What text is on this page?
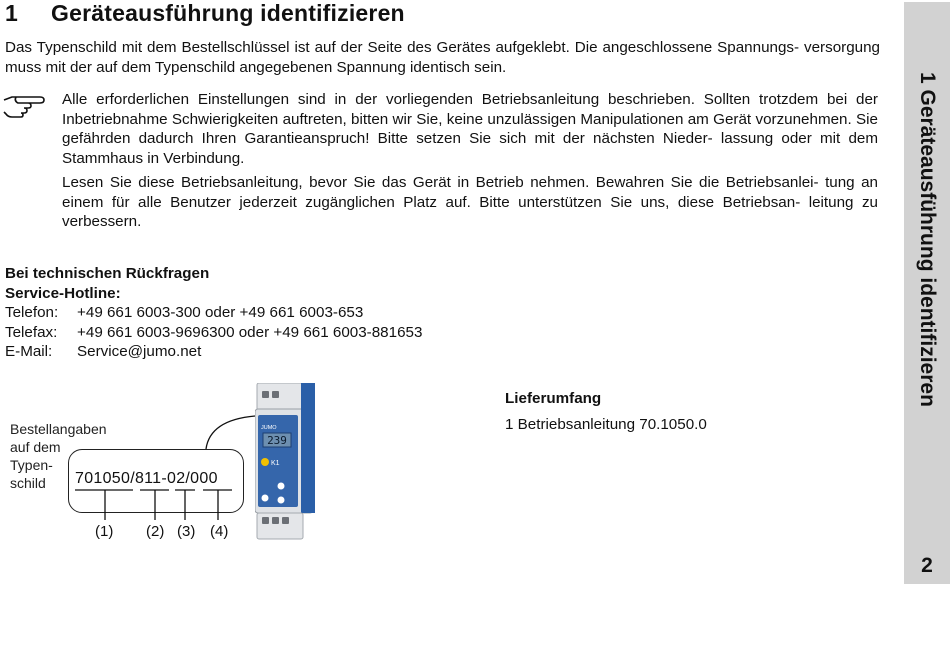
1 Geräteausführung identifizieren
Das Typenschild mit dem Bestellschlüssel ist auf der Seite des Gerätes aufgeklebt. Die angeschlossene Spannungs- versorgung muss mit der auf dem Typenschild angegebenen Spannung identisch sein.
Alle erforderlichen Einstellungen sind in der vorliegenden Betriebsanleitung beschrieben. Sollten trotzdem bei der Inbetriebnahme Schwierigkeiten auftreten, bitten wir Sie, keine unzulässigen Manipulationen am Gerät vorzunehmen. Sie gefährden dadurch Ihren Garantieanspruch! Bitte setzen Sie sich mit der nächsten Nieder- lassung oder mit dem Stammhaus in Verbindung.
Lesen Sie diese Betriebsanleitung, bevor Sie das Gerät in Betrieb nehmen. Bewahren Sie die Betriebsanlei- tung an einem für alle Benutzer jederzeit zugänglichen Platz auf. Bitte unterstützen Sie uns, diese Betriebsan- leitung zu verbessern.
Bei technischen Rückfragen
Service-Hotline:
Telefon:	+49 661 6003-300 oder +49 661 6003-653
Telefax:	+49 661 6003-9696300 oder +49 661 6003-881653
E-Mail:	Service@jumo.net
Bestellangaben
auf dem
Typen-
schild	701050/811-02/000
(1) (2) (3) (4)
JUMO
239
K1
Lieferumfang
1 Betriebsanleitung 70.1050.0
1 Geräteausführung identifizieren
2
